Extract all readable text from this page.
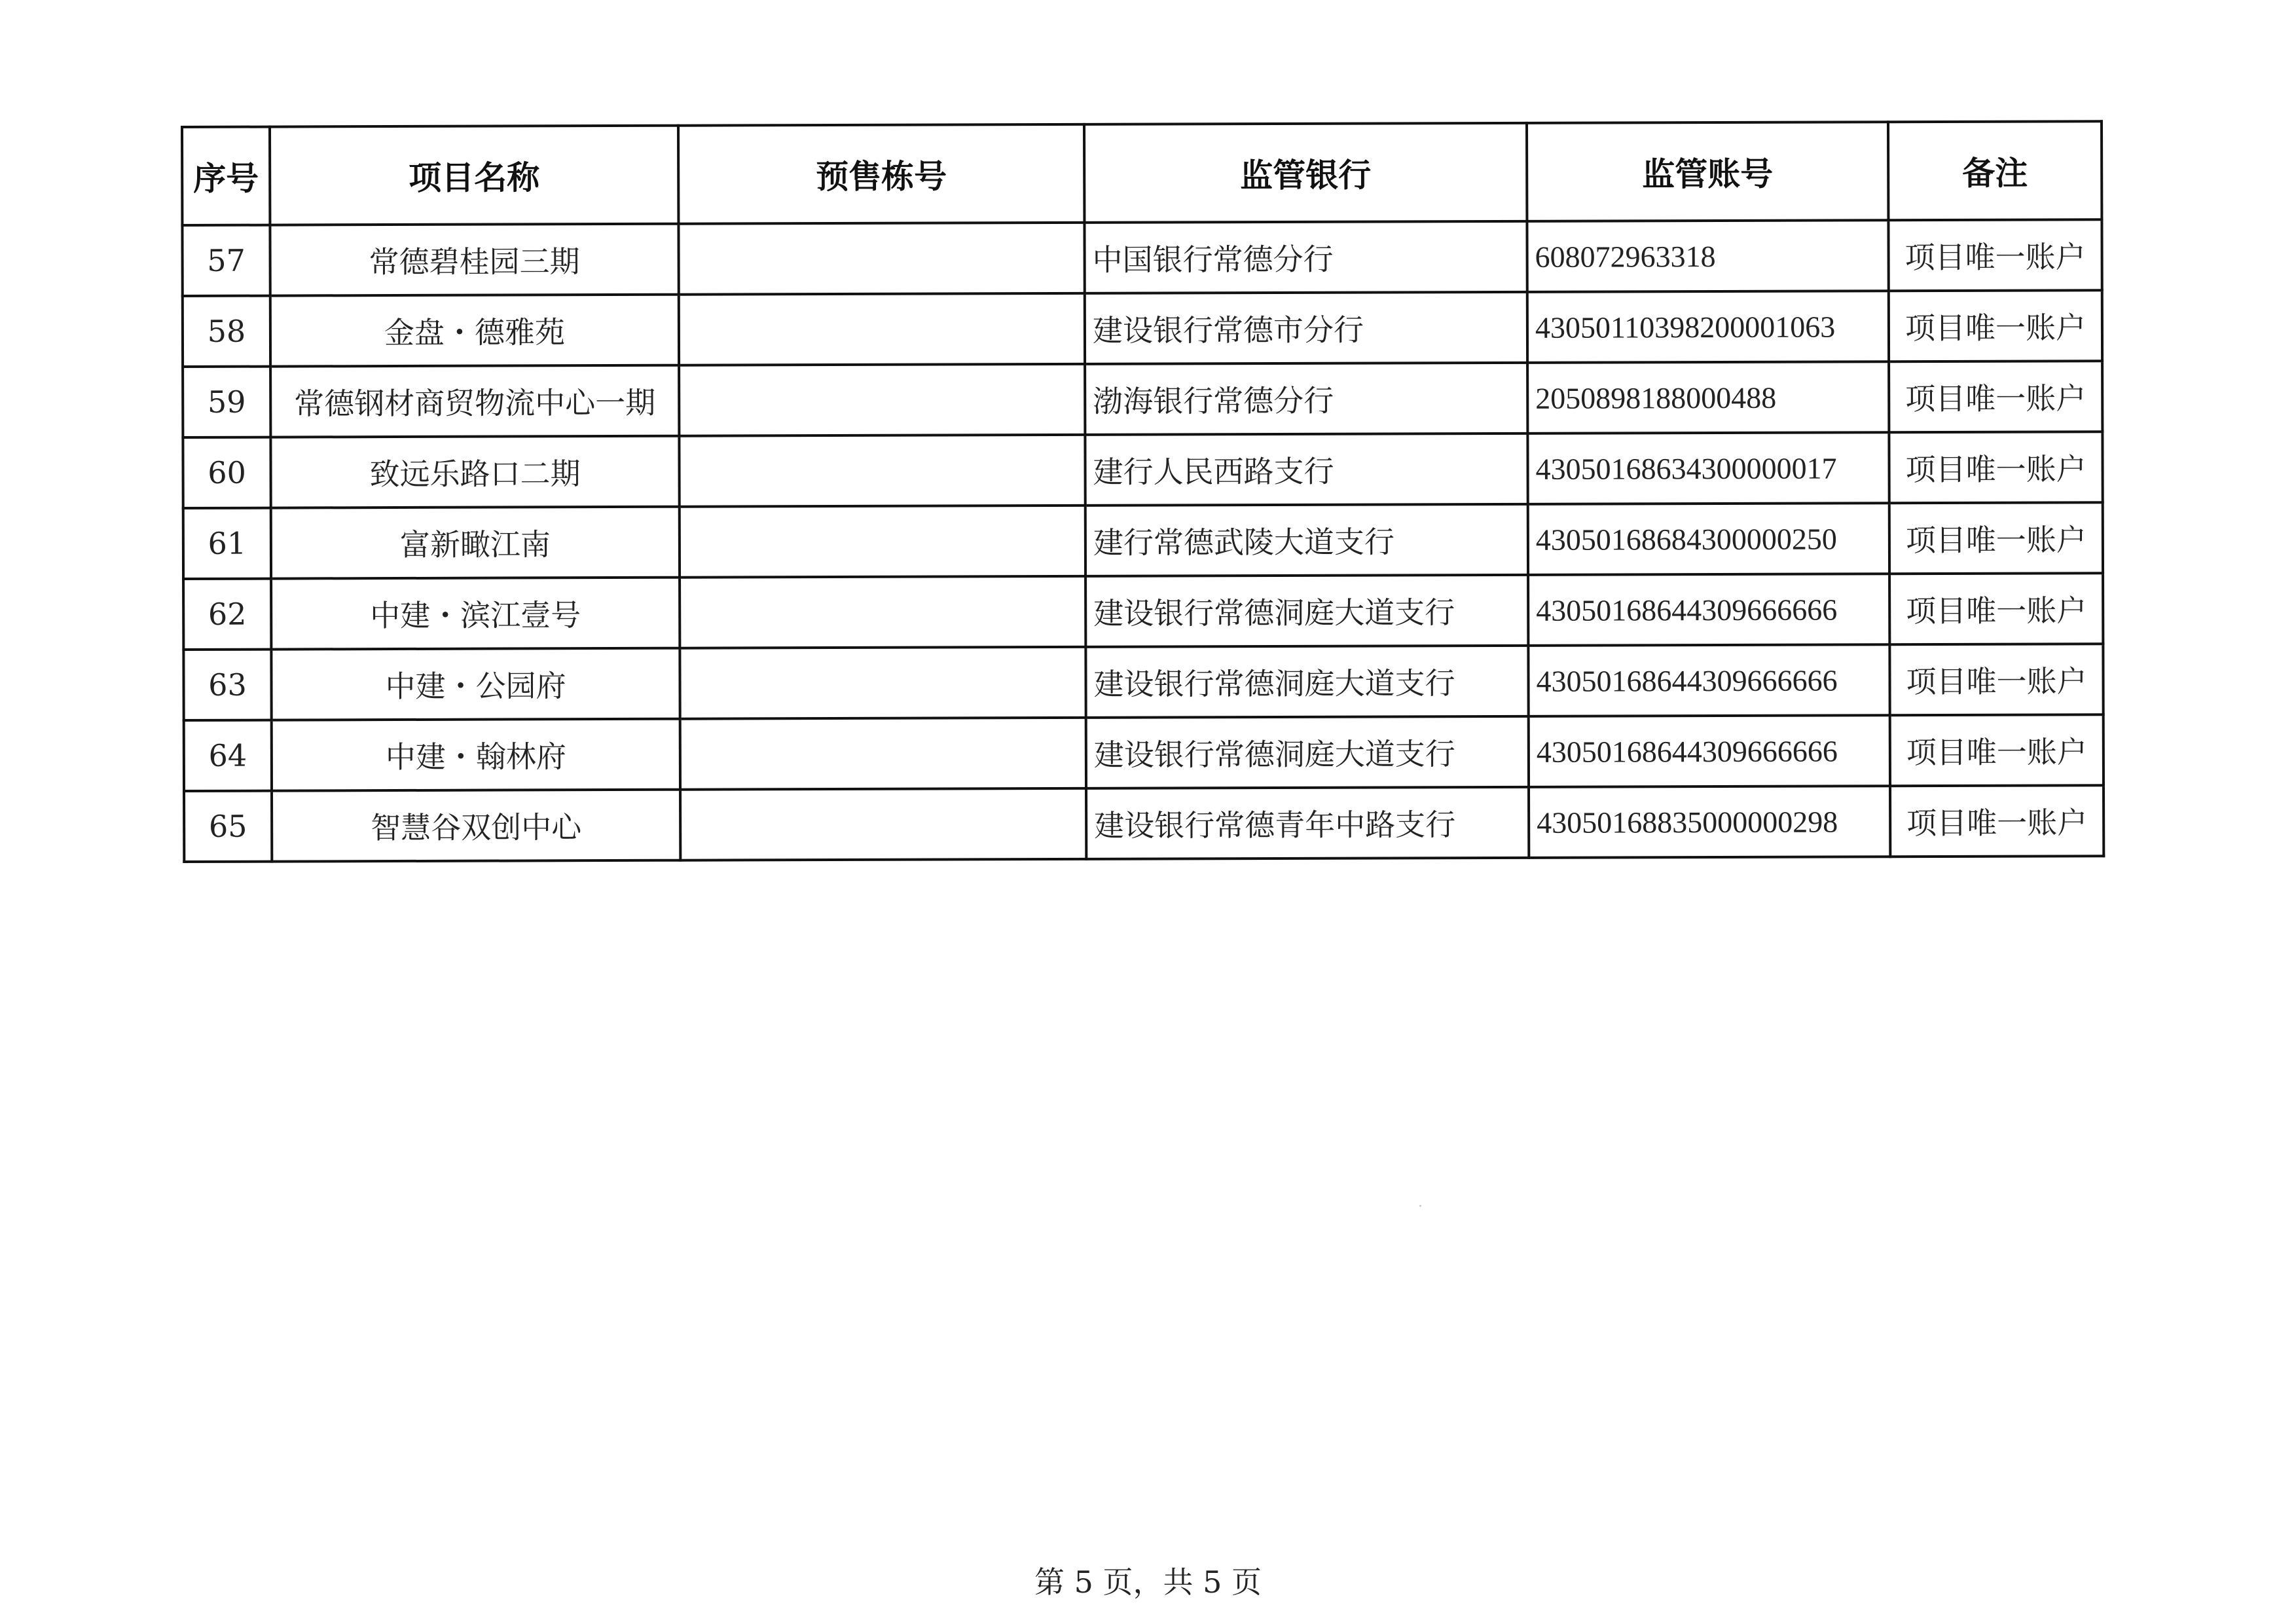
序号	项目名称	预售栋号	监管银行	监管账号	备注
57	常德碧桂园三期		中国银行常德分行	608072963318	项目唯一账户
58	金盘・德雅苑		建设银行常德市分行	43050110398200001063	项目唯一账户
59	常德钢材商贸物流中心一期		渤海银行常德分行	2050898188000488	项目唯一账户
60	致远乐路口二期		建行人民西路支行	43050168634300000017	项目唯一账户
61	富新瞰江南		建行常德武陵大道支行	43050168684300000250	项目唯一账户
62	中建・滨江壹号		建设银行常德洞庭大道支行	43050168644309666666	项目唯一账户
63	中建・公园府		建设银行常德洞庭大道支行	43050168644309666666	项目唯一账户
64	中建・翰林府		建设银行常德洞庭大道支行	43050168644309666666	项目唯一账户
65	智慧谷双创中心		建设银行常德青年中路支行	43050168835000000298	项目唯一账户
第 5 页，共 5 页
